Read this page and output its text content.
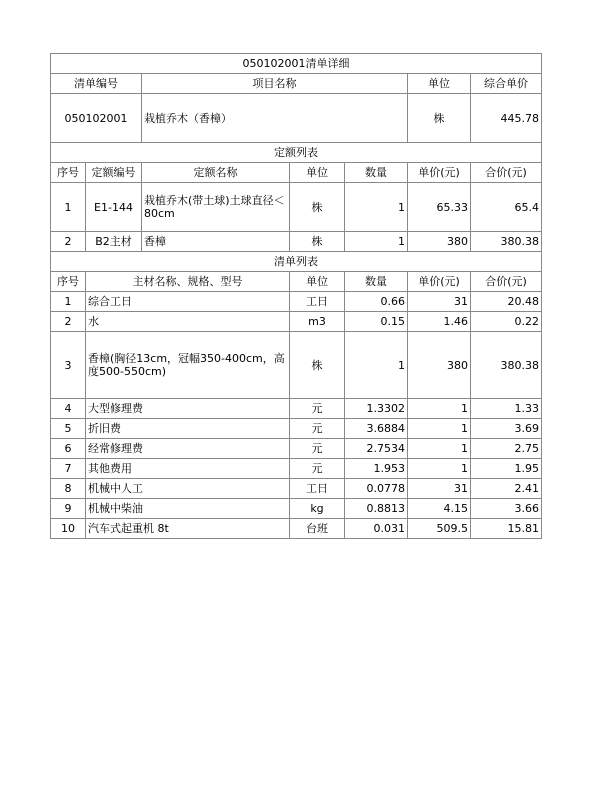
050102001清单详细						
清单编号		项目名称			单位	综合单价
050102001		栽植乔木（香樟）			株	445.78
定额列表						
序号	定额编号	定额名称	单位	数量	单价(元)	合价(元)
1	E1-144	栽植乔木(带土球)土球直径＜80cm	株	1	65.33	65.4
2	B2主材	香樟	株	1	380	380.38
清单列表						
序号	主材名称、规格、型号		单位	数量	单价(元)	合价(元)
1	综合工日		工日	0.66	31	20.48
2	水		m3	0.15	1.46	0.22
3	香樟(胸径13cm，冠幅350-400cm，高度500-550cm)		株	1	380	380.38
4	大型修理费		元	1.3302	1	1.33
5	折旧费		元	3.6884	1	3.69
6	经常修理费		元	2.7534	1	2.75
7	其他费用		元	1.953	1	1.95
8	机械中人工		工日	0.0778	31	2.41
9	机械中柴油		kg	0.8813	4.15	3.66
10	汽车式起重机 8t		台班	0.031	509.5	15.81
